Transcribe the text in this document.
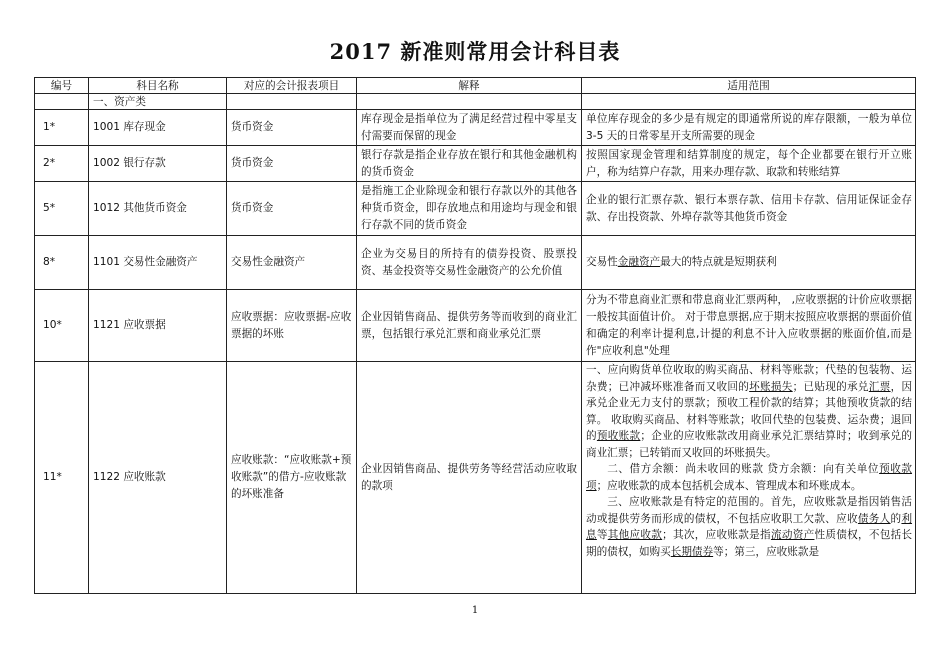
2017 新准则常用会计科目表
编号	科目名称	对应的会计报表项目	解释	适用范围
	一、资产类			
1*	1001 库存现金	货币资金	库存现金是指单位为了满足经营过程中零星支付需要而保留的现金	单位库存现金的多少是有规定的即通常所说的库存限额，一般为单位 3-5 天的日常零星开支所需要的现金
2*	1002 银行存款	货币资金	银行存款是指企业存放在银行和其他金融机构的货币资金	按照国家现金管理和结算制度的规定，每个企业都要在银行开立账户，称为结算户存款，用来办理存款、取款和转账结算
5*	1012 其他货币资金	货币资金	是指施工企业除现金和银行存款以外的其他各种货币资金，即存放地点和用途均与现金和银行存款不同的货币资金	企业的银行汇票存款、银行本票存款、信用卡存款、信用证保证金存款、存出投资款、外埠存款等其他货币资金
8*	1101 交易性金融资产	交易性金融资产	企业为交易目的所持有的债券投资、股票投资、基金投资等交易性金融资产的公允价值	交易性金融资产最大的特点就是短期获利
10*	1121 应收票据	应收票据：应收票据-应收票据的坏账	企业因销售商品、提供劳务等而收到的商业汇票，包括银行承兑汇票和商业承兑汇票	分为不带息商业汇票和带息商业汇票两种， ,应收票据的计价应收票据一般按其面值计价。 对于带息票据,应于期末按照应收票据的票面价值和确定的利率计提利息,计提的利息不计入应收票据的账面价值,而是作"应收利息"处理
11*	1122 应收账款	应收账款：“应收账款+预收账款”的借方-应收账款的坏账准备	企业因销售商品、提供劳务等经营活动应收取的款项	一、应向购货单位收取的购买商品、材料等账款；代垫的包装物、运杂费；已冲减坏账准备而又收回的坏账损失；已贴现的承兑汇票，因承兑企业无力支付的票款；预收工程价款的结算；其他预收货款的结算。 收取购买商品、材料等账款；收回代垫的包装费、运杂费；退回的预收账款；企业的应收账款改用商业承兑汇票结算时；收到承兑的商业汇票；已转销而又收回的坏账损失。
二、借方余额：尚未收回的账款 贷方余额：向有关单位预收款项；应收账款的成本包括机会成本、管理成本和坏账成本。
三、应收账款是有特定的范围的。首先，应收账款是指因销售活动或提供劳务而形成的债权，不包括应收职工欠款、应收债务人的利息等其他应收款；其次，应收账款是指流动资产性质债权，不包括长期的债权，如购买长期债券等；第三，应收账款是
1
